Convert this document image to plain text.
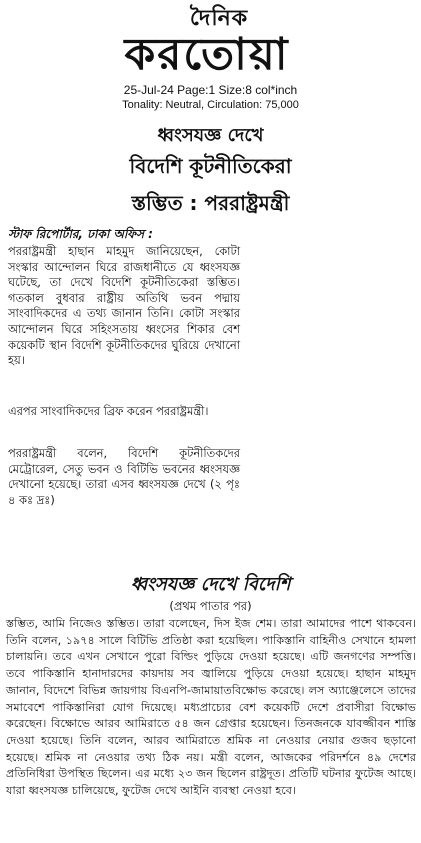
দৈনিক
করতোয়া
25-Jul-24 Page:1 Size:8 col*inch
Tonality: Neutral, Circulation: 75,000
ধ্বংসযজ্ঞ দেখে
বিদেশি কূটনীতিকেরা
স্তম্ভিত : পররাষ্ট্রমন্ত্রী
স্টাফ রিপোর্টার, ঢাকা অফিস :
পররাষ্ট্রমন্ত্রী হাছান মাহমুদ জানিয়েছেন, কোটা সংস্কার আন্দোলন ঘিরে রাজধানীতে যে ধ্বংসযজ্ঞ ঘটেছে, তা দেখে বিদেশি কূটনীতিকেরা স্তম্ভিত। গতকাল বুধবার রাষ্ট্রীয় অতিথি ভবন পদ্মায় সাংবাদিকদের এ তথ্য জানান তিনি। কোটা সংস্কার আন্দোলন ঘিরে সহিংসতায় ধ্বংসের শিকার বেশ কয়েকটি স্থান বিদেশি কূটনীতিকদের ঘুরিয়ে দেখানো হয়।
এরপর সাংবাদিকদের ব্রিফ করেন পররাষ্ট্রমন্ত্রী।
পররাষ্ট্রমন্ত্রী বলেন, বিদেশি কূটনীতিকদের মেট্রোরেল, সেতু ভবন ও বিটিভি ভবনের ধ্বংসযজ্ঞ দেখানো হয়েছে। তারা এসব ধ্বংসযজ্ঞ দেখে (২ পৃঃ ৪ কঃ দ্রঃ)
ধ্বংসযজ্ঞ দেখে বিদেশি
(প্রথম পাতার পর)
স্তম্ভিত, আমি নিজেও স্তম্ভিত। তারা বলেছেন, দিস ইজ শেম। তারা আমাদের পাশে থাকবেন। তিনি বলেন, ১৯৭৪ সালে বিটিভি প্রতিষ্ঠা করা হয়েছিল। পাকিস্তানি বাহিনীও সেখানে হামলা চালায়নি। তবে এখন সেখানে পুরো বিল্ডিং পুড়িয়ে দেওয়া হয়েছে। এটি জনগণের সম্পত্তি। তবে পাকিস্তানি হানাদারদের কায়দায় সব জ্বালিয়ে পুড়িয়ে দেওয়া হয়েছে। হাছান মাহমুদ জানান, বিদেশে বিভিন্ন জায়গায় বিএনপি-জামায়াতবিক্ষোভ করেছে। লস অ্যাঞ্জেলেসে তাদের সমাবেশে পাকিস্তানিরা যোগ দিয়েছে। মধ্যপ্রাচ্যের বেশ কয়েকটি দেশে প্রবাসীরা বিক্ষোভ করেছেন। বিক্ষোভে আরব আমিরাতে ৫৪ জন গ্রেপ্তার হয়েছেন। তিনজনকে যাবজ্জীবন শাস্তি দেওয়া হয়েছে। তিনি বলেন, আরব আমিরাতে শ্রমিক না নেওয়ার নেয়ার গুজব ছড়ানো হয়েছে। শ্রমিক না নেওয়ার তথ্য ঠিক নয়। মন্ত্রী বলেন, আজকের পরিদর্শনে ৪৯ দেশের প্রতিনিধিরা উপস্থিত ছিলেন। এর মধ্যে ২৩ জন ছিলেন রাষ্ট্রদূত। প্রতিটি ঘটনার ফুটেজ আছে। যারা ধ্বংসযজ্ঞ চালিয়েছে, ফুটেজ দেখে আইনি ব্যবস্থা নেওয়া হবে।
